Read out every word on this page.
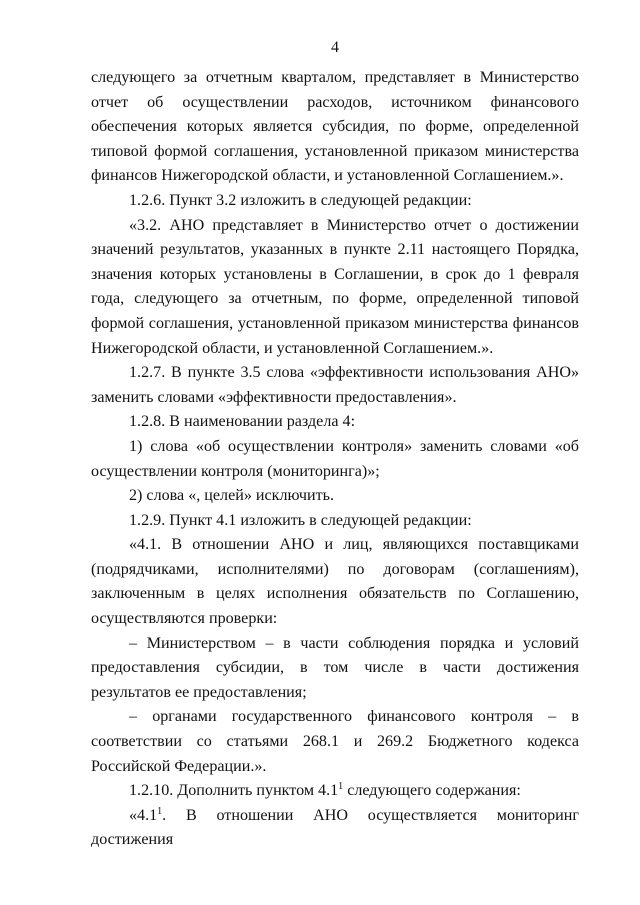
4

следующего за отчетным кварталом, представляет в Министерство отчет об осуществлении расходов, источником финансового обеспечения которых является субсидия, по форме, определенной типовой формой соглашения, установленной приказом министерства финансов Нижегородской области, и установленной Соглашением.».

1.2.6. Пункт 3.2 изложить в следующей редакции:

«3.2. АНО представляет в Министерство отчет о достижении значений результатов, указанных в пункте 2.11 настоящего Порядка, значения которых установлены в Соглашении, в срок до 1 февраля года, следующего за отчетным, по форме, определенной типовой формой соглашения, установленной приказом министерства финансов Нижегородской области, и установленной Соглашением.».

1.2.7. В пункте 3.5 слова «эффективности использования АНО» заменить словами «эффективности предоставления».

1.2.8. В наименовании раздела 4:

1) слова «об осуществлении контроля» заменить словами «об осуществлении контроля (мониторинга)»;

2) слова «, целей» исключить.

1.2.9. Пункт 4.1 изложить в следующей редакции:

«4.1. В отношении АНО и лиц, являющихся поставщиками (подрядчиками, исполнителями) по договорам (соглашениям), заключенным в целях исполнения обязательств по Соглашению, осуществляются проверки:

– Министерством – в части соблюдения порядка и условий предоставления субсидии, в том числе в части достижения результатов ее предоставления;

– органами государственного финансового контроля – в соответствии со статьями 268.1 и 269.2 Бюджетного кодекса Российской Федерации.».

1.2.10. Дополнить пунктом $4.1^1$ следующего содержания:

«$4.1^1$. В отношении АНО осуществляется мониторинг достижения
